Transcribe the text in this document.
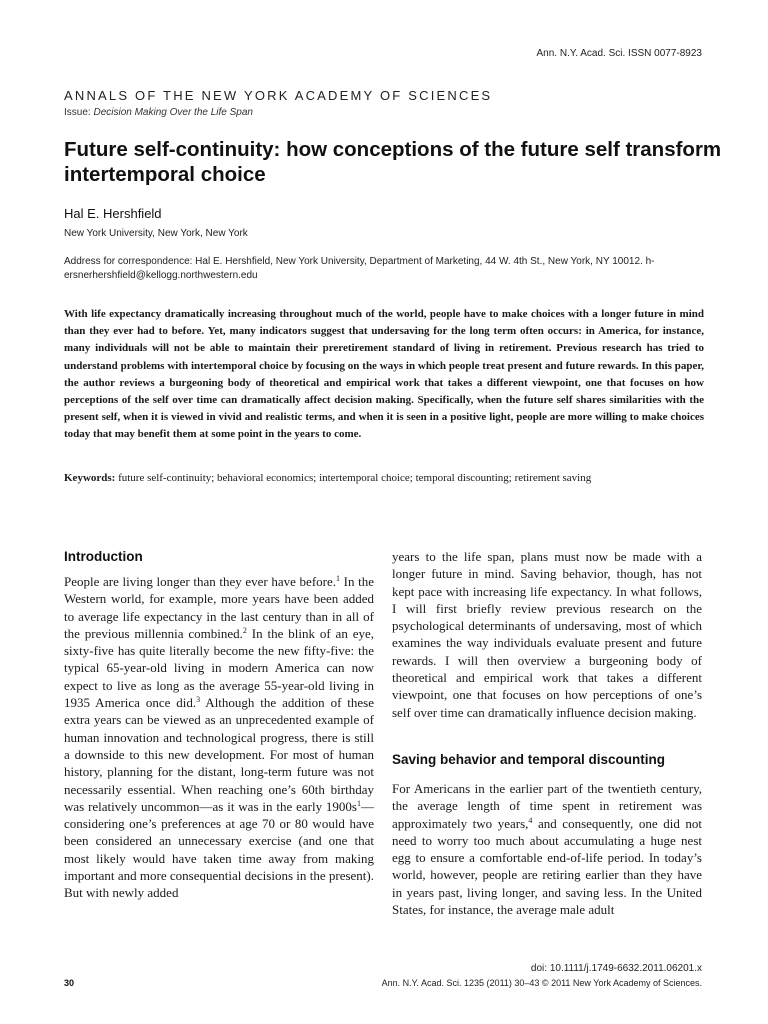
Ann. N.Y. Acad. Sci. ISSN 0077-8923
ANNALS OF THE NEW YORK ACADEMY OF SCIENCES
Issue: Decision Making Over the Life Span
Future self-continuity: how conceptions of the future self transform intertemporal choice
Hal E. Hershfield
New York University, New York, New York
Address for correspondence: Hal E. Hershfield, New York University, Department of Marketing, 44 W. 4th St., New York, NY 10012. h-ersnerhershfield@kellogg.northwestern.edu
With life expectancy dramatically increasing throughout much of the world, people have to make choices with a longer future in mind than they ever had to before. Yet, many indicators suggest that undersaving for the long term often occurs: in America, for instance, many individuals will not be able to maintain their preretirement standard of living in retirement. Previous research has tried to understand problems with intertemporal choice by focusing on the ways in which people treat present and future rewards. In this paper, the author reviews a burgeoning body of theoretical and empirical work that takes a different viewpoint, one that focuses on how perceptions of the self over time can dramatically affect decision making. Specifically, when the future self shares similarities with the present self, when it is viewed in vivid and realistic terms, and when it is seen in a positive light, people are more willing to make choices today that may benefit them at some point in the years to come.
Keywords: future self-continuity; behavioral economics; intertemporal choice; temporal discounting; retirement saving
Introduction

People are living longer than they ever have before.$^1$ In the Western world, for example, more years have been added to average life expectancy in the last century than in all of the previous millennia combined.$^2$ In the blink of an eye, sixty-five has quite literally become the new fifty-five: the typical 65-year-old living in modern America can now expect to live as long as the average 55-year-old living in 1935 America once did.$^3$ Although the addition of these extra years can be viewed as an unprecedented example of human innovation and technological progress, there is still a downside to this new development. For most of human history, planning for the distant, long-term future was not necessarily essential. When reaching one’s 60th birthday was relatively uncommon—as it was in the early $1900s^1—considering$ one’s preferences at age 70 or 80 would have been considered an unnecessary exercise (and one that most likely would have taken time away from making important and more consequential decisions in the present). But with newly added

years to the life span, plans must now be made with a longer future in mind. Saving behavior, though, has not kept pace with increasing life expectancy. In what follows, I will first briefly review previous research on the psychological determinants of undersaving, most of which examines the way individuals evaluate present and future rewards. I will then overview a burgeoning body of theoretical and empirical work that takes a different viewpoint, one that focuses on how perceptions of one’s self over time can dramatically influence decision making.

Saving behavior and temporal discounting

For Americans in the earlier part of the twentieth century, the average length of time spent in retirement was approximately two years,$^4$ and consequently, one did not need to worry too much about accumulating a huge nest egg to ensure a comfortable end-of-life period. In today’s world, however, people are retiring earlier than they have in years past, living longer, and saving less. In the United States, for instance, the average male adult

doi: 10.1111/j.1749-6632.2011.06201.x
30	Ann. N.Y. Acad. Sci. 1235 (2011) 30–43 © 2011 New York Academy of Sciences.
